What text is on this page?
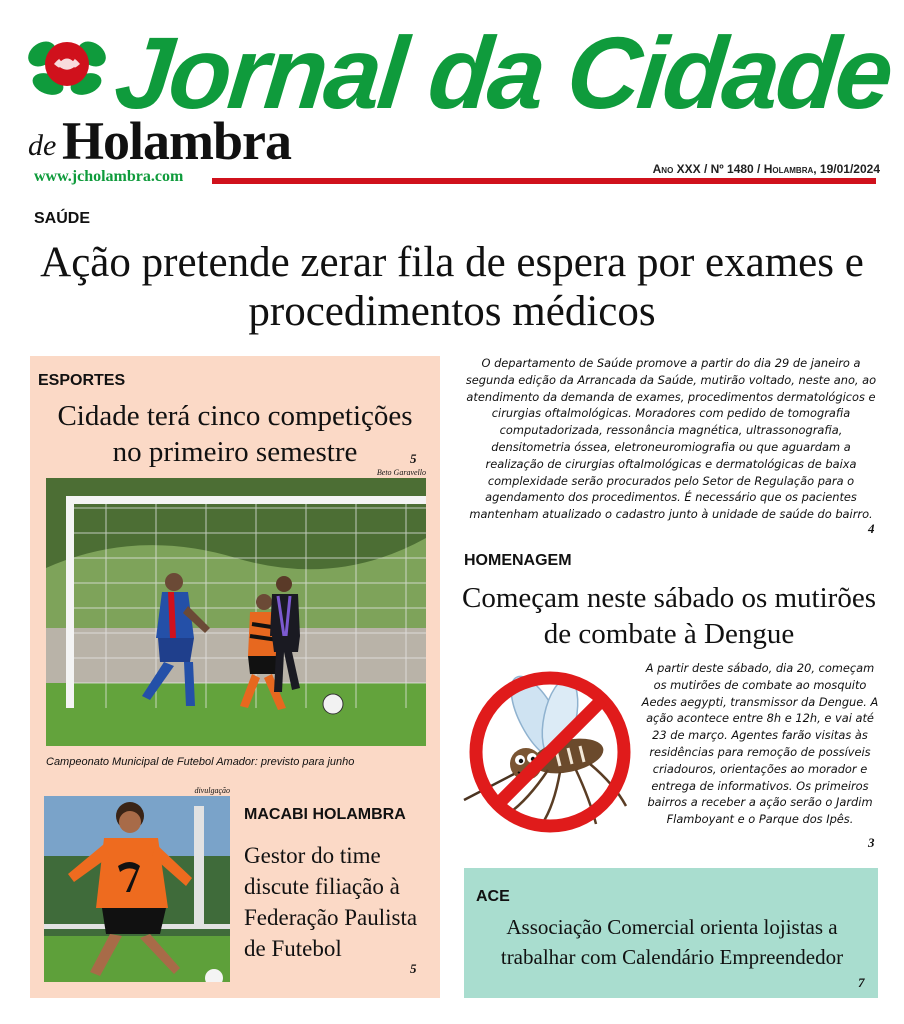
Jornal da Cidade
de Holambra
www.jcholambra.com	Ano XXX / Nº 1480 / Holambra, 19/01/2024
SAÚDE
Ação pretende zerar fila de espera por exames e procedimentos médicos
ESPORTES
Cidade terá cinco competições no primeiro semestre	5
Beto Garavello
Campeonato Municipal de Futebol Amador: previsto para junho
divulgação
MACABI HOLAMBRA
Gestor do time discute filiação à Federação Paulista de Futebol
5
O departamento de Saúde promove a partir do dia 29 de janeiro a segunda edição da Arrancada da Saúde, mutirão voltado, neste ano, ao atendimento da demanda de exames, procedimentos dermatológicos e cirurgias oftalmológicas. Moradores com pedido de tomografia computadorizada, ressonância magnética, ultrassonografia, densitometria óssea, eletroneuromiografia ou que aguardam a realização de cirurgias oftalmológicas e dermatológicas de baixa complexidade serão procurados pelo Setor de Regulação para o agendamento dos procedimentos. É necessário que os pacientes mantenham atualizado o cadastro junto à unidade de saúde do bairro.
4
HOMENAGEM
Começam neste sábado os mutirões de combate à Dengue
A partir deste sábado, dia 20, começam os mutirões de combate ao mosquito Aedes aegypti, transmissor da Dengue. A ação acontece entre 8h e 12h, e vai até 23 de março. Agentes farão visitas às residências para remoção de possíveis criadouros, orientações ao morador e entrega de informativos. Os primeiros bairros a receber a ação serão o Jardim Flamboyant e o Parque dos Ipês.
3
ACE
Associação Comercial orienta lojistas a trabalhar com Calendário Empreendedor
7
